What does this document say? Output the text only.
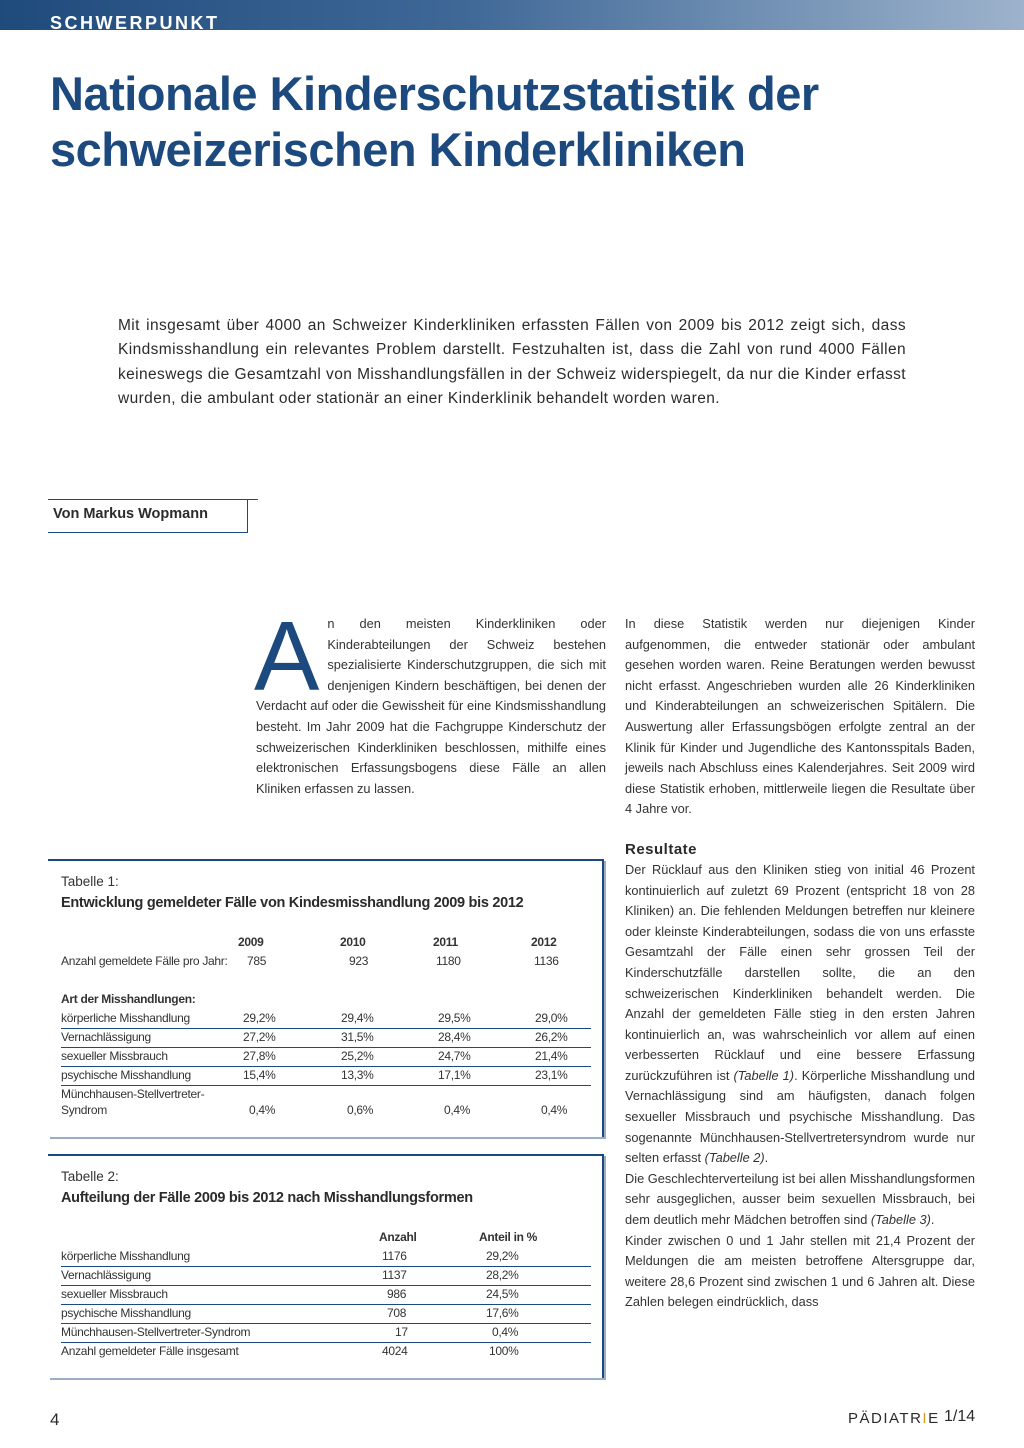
SCHWERPUNKT

Nationale Kinderschutzstatistik der
schweizerischen Kinderkliniken

Mit insgesamt über 4000 an Schweizer Kinderkliniken erfassten Fällen von 2009 bis 2012 zeigt sich, dass Kindsmisshandlung ein relevantes Problem darstellt. Festzuhalten ist, dass die Zahl von rund 4000 Fällen keineswegs die Gesamtzahl von Misshandlungsfällen in der Schweiz widerspiegelt, da nur die Kinder erfasst wurden, die ambulant oder stationär an einer Kinderklinik behandelt worden waren.

Von Markus Wopmann
A n den meisten Kinderkliniken oder Kinderabteilungen der Schweiz bestehen spezialisierte Kinderschutzgruppen, die sich mit denjenigen Kindern beschäftigen, bei denen der Verdacht auf oder die Gewissheit für eine Kindsmisshandlung besteht. Im Jahr 2009 hat die Fachgruppe Kinderschutz der schweizerischen Kinderkliniken beschlossen, mithilfe eines elektronischen Erfassungsbogens diese Fälle an allen Kliniken erfassen zu lassen.

In diese Statistik werden nur diejenigen Kinder aufgenommen, die entweder stationär oder ambulant gesehen worden waren. Reine Beratungen werden bewusst nicht erfasst. Angeschrieben wurden alle 26 Kinderkliniken und Kinderabteilungen an schweizerischen Spitälern. Die Auswertung aller Erfassungsbögen erfolgte zentral an der Klinik für Kinder und Jugendliche des Kantonsspitals Baden, jeweils nach Abschluss eines Kalenderjahres. Seit 2009 wird diese Statistik erhoben, mittlerweile liegen die Resultate über 4 Jahre vor.

Resultate

Der Rücklauf aus den Kliniken stieg von initial 46 Prozent kontinuierlich auf zuletzt 69 Prozent (entspricht 18 von 28 Kliniken) an. Die fehlenden Meldungen betreffen nur kleinere oder kleinste Kinderabteilungen, sodass die von uns erfasste Gesamtzahl der Fälle einen sehr grossen Teil der Kinderschutzfälle darstellen sollte, die an den schweizerischen Kinderkliniken behandelt werden. Die Anzahl der gemeldeten Fälle stieg in den ersten Jahren kontinuierlich an, was wahrscheinlich vor allem auf einen verbesserten Rücklauf und eine bessere Erfassung zurückzuführen ist (Tabelle 1). Körperliche Misshandlung und Vernachlässigung sind am häufigsten, danach folgen sexueller Missbrauch und psychische Misshandlung. Das sogenannte Münchhausen-Stellvertretersyndrom wurde nur selten erfasst (Tabelle 2).

Die Geschlechterverteilung ist bei allen Misshandlungsformen sehr ausgeglichen, ausser beim sexuellen Missbrauch, bei dem deutlich mehr Mädchen betroffen sind (Tabelle 3).

Kinder zwischen 0 und 1 Jahr stellen mit 21,4 Prozent der Meldungen die am meisten betroffene Altersgruppe dar, weitere 28,6 Prozent sind zwischen 1 und 6 Jahren alt. Diese Zahlen belegen eindrücklich, dass

Tabelle 1:

Entwicklung gemeldeter Fälle von Kindesmisshandlung 2009 bis 2012

2009	2010	2011	2012
Anzahl gemeldete Fälle pro Jahr: 785	923	1180	1136
Art der Misshandlungen:
körperliche Misshandlung	29,2%	29,4%	29,5%	29,0%
Vernachlässigung	27,2%	31,5%	28,4%	26,2%
sexueller Missbrauch	27,8%	25,2%	24,7%	21,4%
psychische Misshandlung	15,4%	13,3%	17,1%	23,1%
Münchhausen-Stellvertreter-
Syndrom	0,4%	0,6%	0,4%	0,4%

Tabelle 2:

Aufteilung der Fälle 2009 bis 2012 nach Misshandlungsformen

Anzahl	Anteil in %
körperliche Misshandlung	1176	29,2%
Vernachlässigung	1137	28,2%
sexueller Missbrauch	986	24,5%
psychische Misshandlung	708	17,6%
Münchhausen-Stellvertreter-Syndrom	17	0,4%
Anzahl gemeldeter Fälle insgesamt	4024	100%

4	PÄDIATRIE 1/14
